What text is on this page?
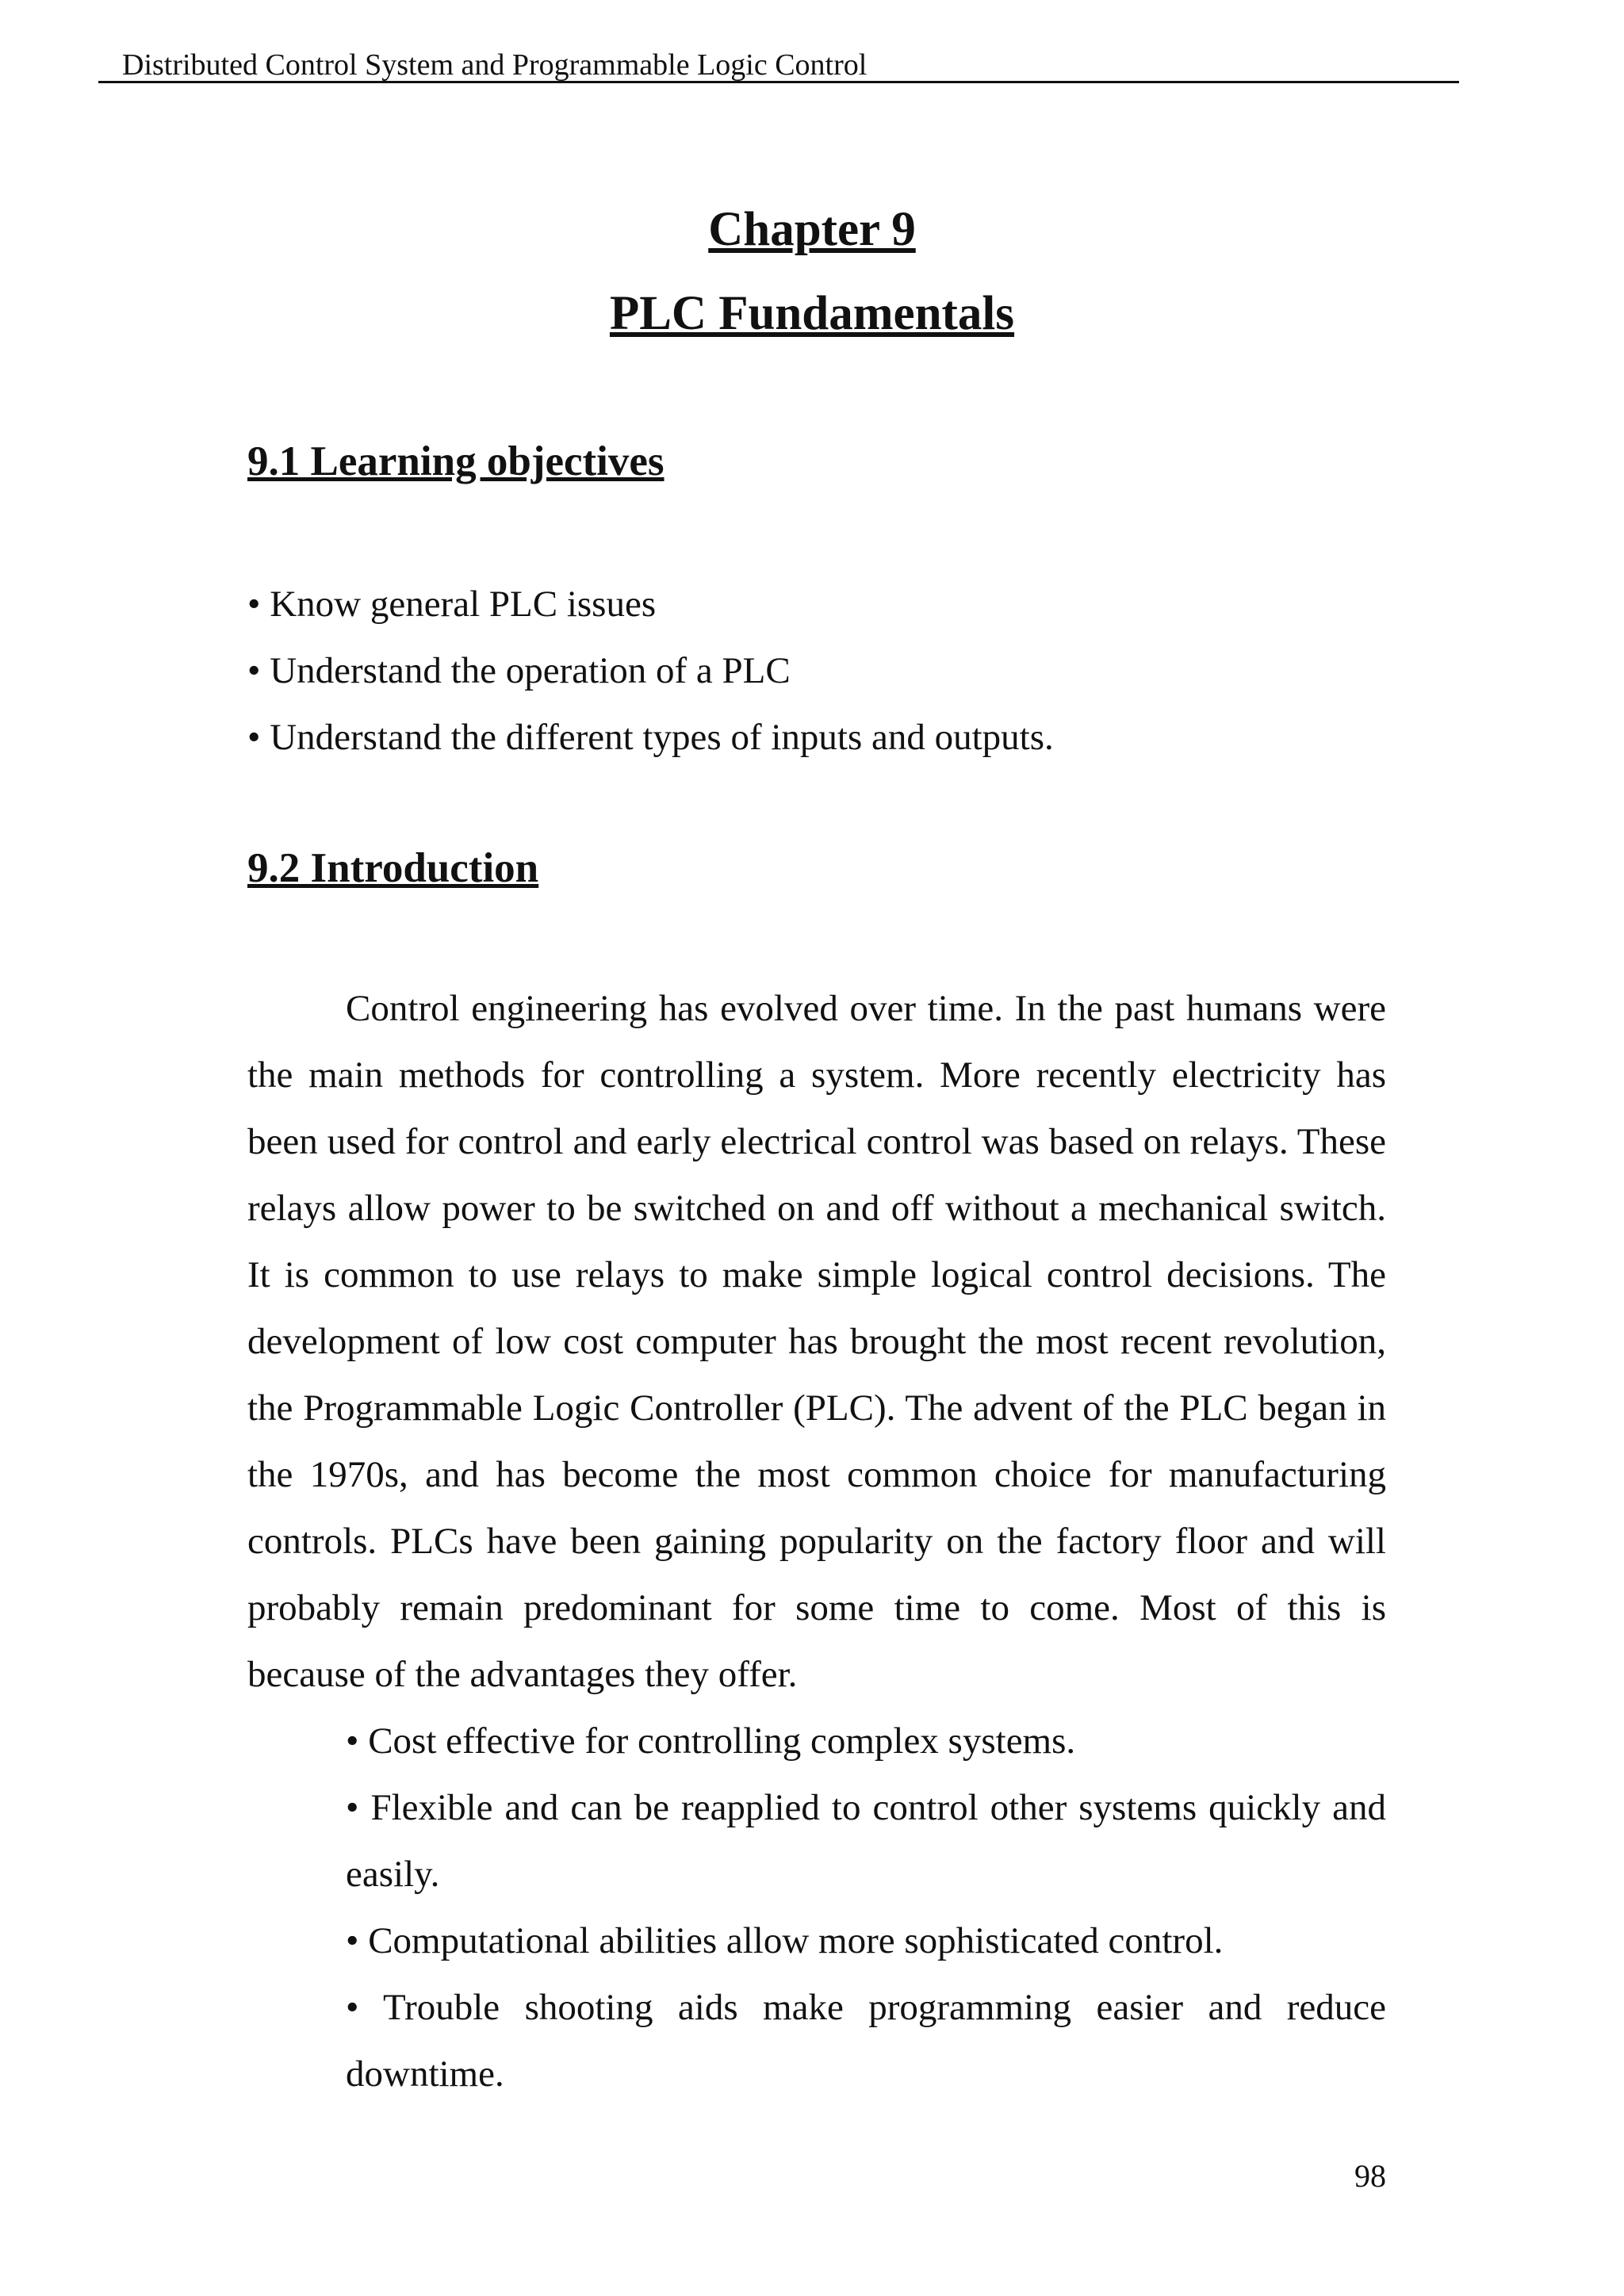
Distributed Control System and Programmable Logic Control
Chapter 9
PLC Fundamentals
9.1 Learning objectives
• Know general PLC issues
• Understand the operation of a PLC
• Understand the different types of inputs and outputs.
9.2 Introduction

Control engineering has evolved over time. In the past humans were the main methods for controlling a system. More recently electricity has been used for control and early electrical control was based on relays. These relays allow power to be switched on and off without a mechanical switch. It is common to use relays to make simple logical control decisions. The development of low cost computer has brought the most recent revolution, the Programmable Logic Controller (PLC). The advent of the PLC began in the 1970s, and has become the most common choice for manufacturing controls. PLCs have been gaining popularity on the factory floor and will probably remain predominant for some time to come. Most of this is because of the advantages they offer.

• Cost effective for controlling complex systems.
• Flexible and can be reapplied to control other systems quickly and easily.
• Computational abilities allow more sophisticated control.
• Trouble shooting aids make programming easier and reduce downtime.
98
